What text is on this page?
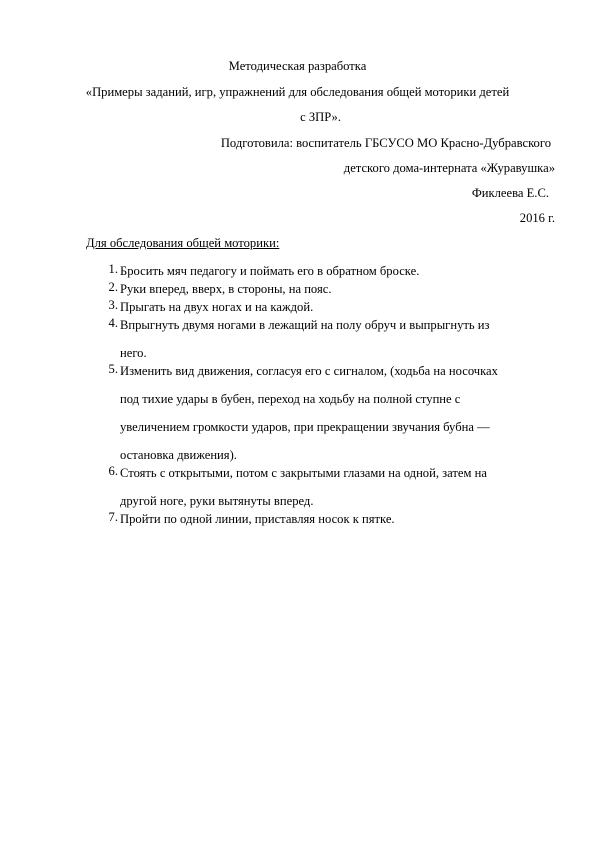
Методическая разработка
«Примеры заданий, игр, упражнений для обследования общей моторики детей
с ЗПР».
Подготовила: воспитатель ГБСУСО МО Красно-Дубравского
детского дома-интерната «Журавушка»
Фиклеева Е.С.
2016 г.
Для обследования общей моторики:
1. Бросить мяч педагогу и поймать его в обратном броске.
2. Руки вперед, вверх, в стороны, на пояс.
3. Прыгать на двух ногах и на каждой.
4. Впрыгнуть двумя ногами в лежащий на полу обруч и выпрыгнуть из
него.
5. Изменить вид движения, согласуя его с сигналом, (ходьба на носочках
под тихие удары в бубен, переход на ходьбу на полной ступне с
увеличением громкости ударов, при прекращении звучания бубна —
остановка движения).
6. Стоять с открытыми, потом с закрытыми глазами на одной, затем на
другой ноге, руки вытянуты вперед.
7. Пройти по одной линии, приставляя носок к пятке.
